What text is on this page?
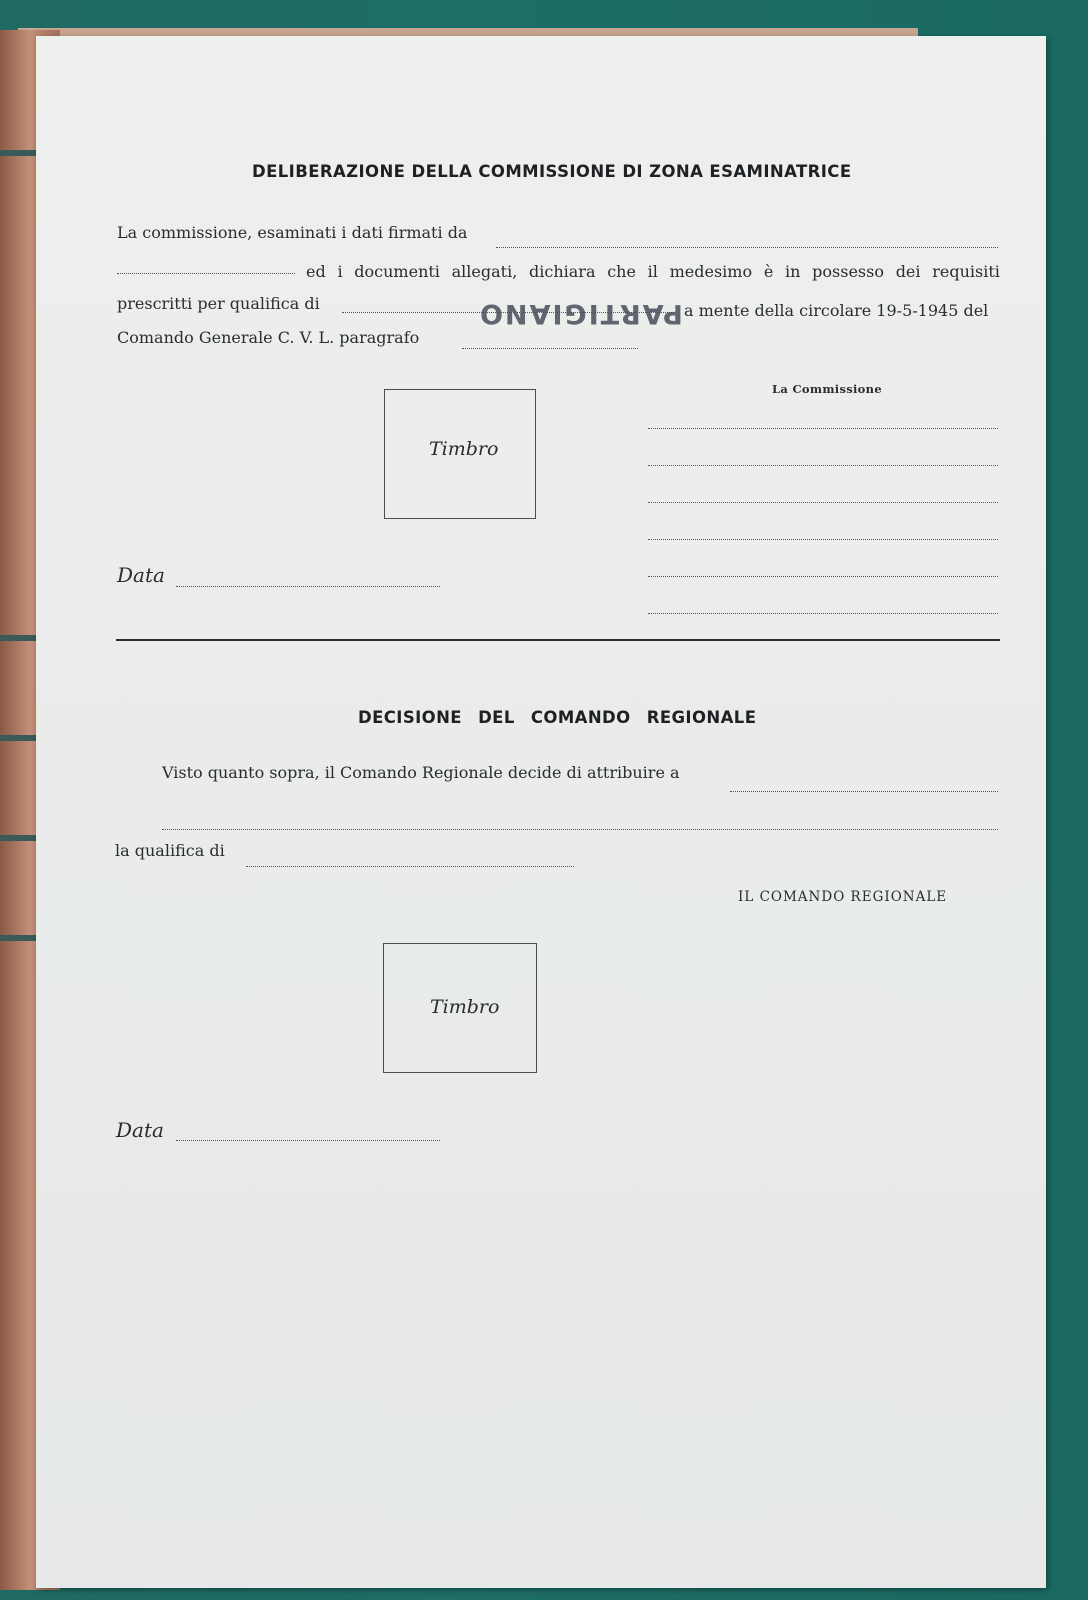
DELIBERAZIONE DELLA COMMISSIONE DI ZONA ESAMINATRICE
La commissione, esaminati i dati firmati da
ed i documenti allegati, dichiara che il medesimo è in possesso dei requisiti
prescritti per qualifica di	PARTIGIANO a mente della circolare 19-5-1945 del
Comando Generale C. V. L. paragrafo
Timbro
La Commissione
Data
DECISIONE DEL COMANDO REGIONALE
Visto quanto sopra, il Comando Regionale decide di attribuire a
la qualifica di
IL COMANDO REGIONALE
Timbro
Data
